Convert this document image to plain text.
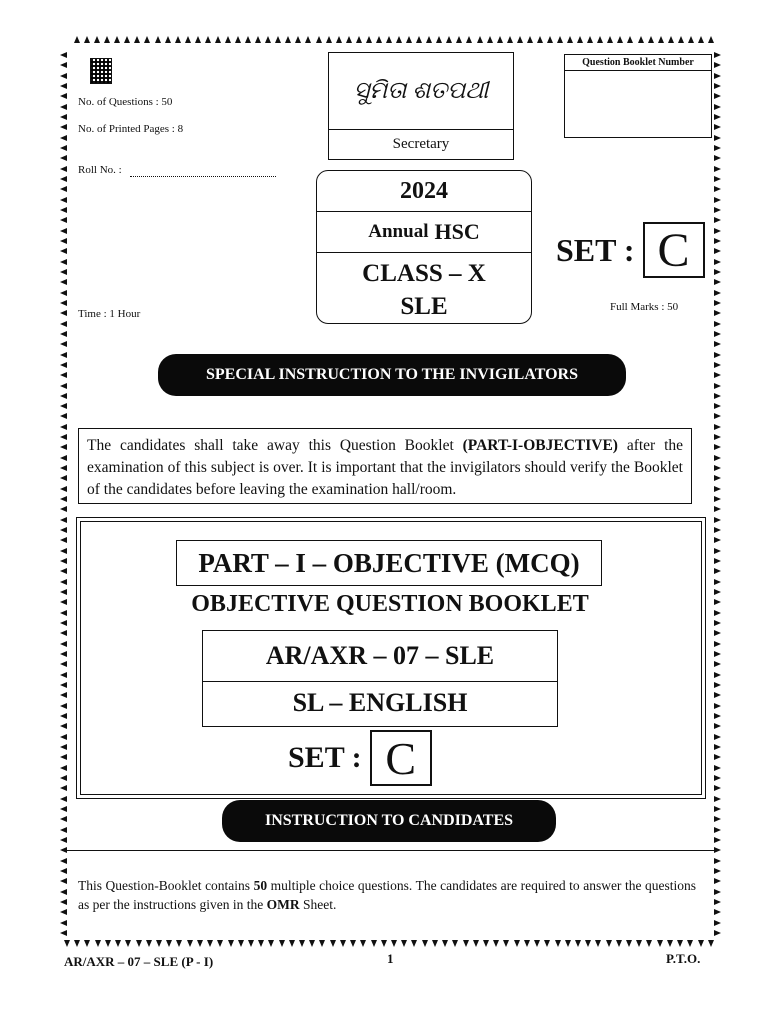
No. of Questions : 50
No. of Printed Pages : 8
Roll No. :
Time : 1 Hour
ସୁମିତା ଶତପଥୀ
Secretary
Question Booklet Number
2024
Annual HSC
CLASS – X
SLE
SET : C
Full Marks : 50
SPECIAL INSTRUCTION TO THE INVIGILATORS
The candidates shall take away this Question Booklet (PART-I-OBJECTIVE) after the examination of this subject is over. It is important that the invigilators should verify the Booklet of the candidates before leaving the examination hall/room.
PART – I – OBJECTIVE (MCQ)
OBJECTIVE QUESTION BOOKLET
AR/AXR – 07 – SLE
SL – ENGLISH
SET : C
INSTRUCTION TO CANDIDATES
This Question-Booklet contains 50 multiple choice questions. The candidates are required to answer the questions as per the instructions given in the OMR Sheet.
AR/AXR – 07 – SLE (P - I)	1	P.T.O.
